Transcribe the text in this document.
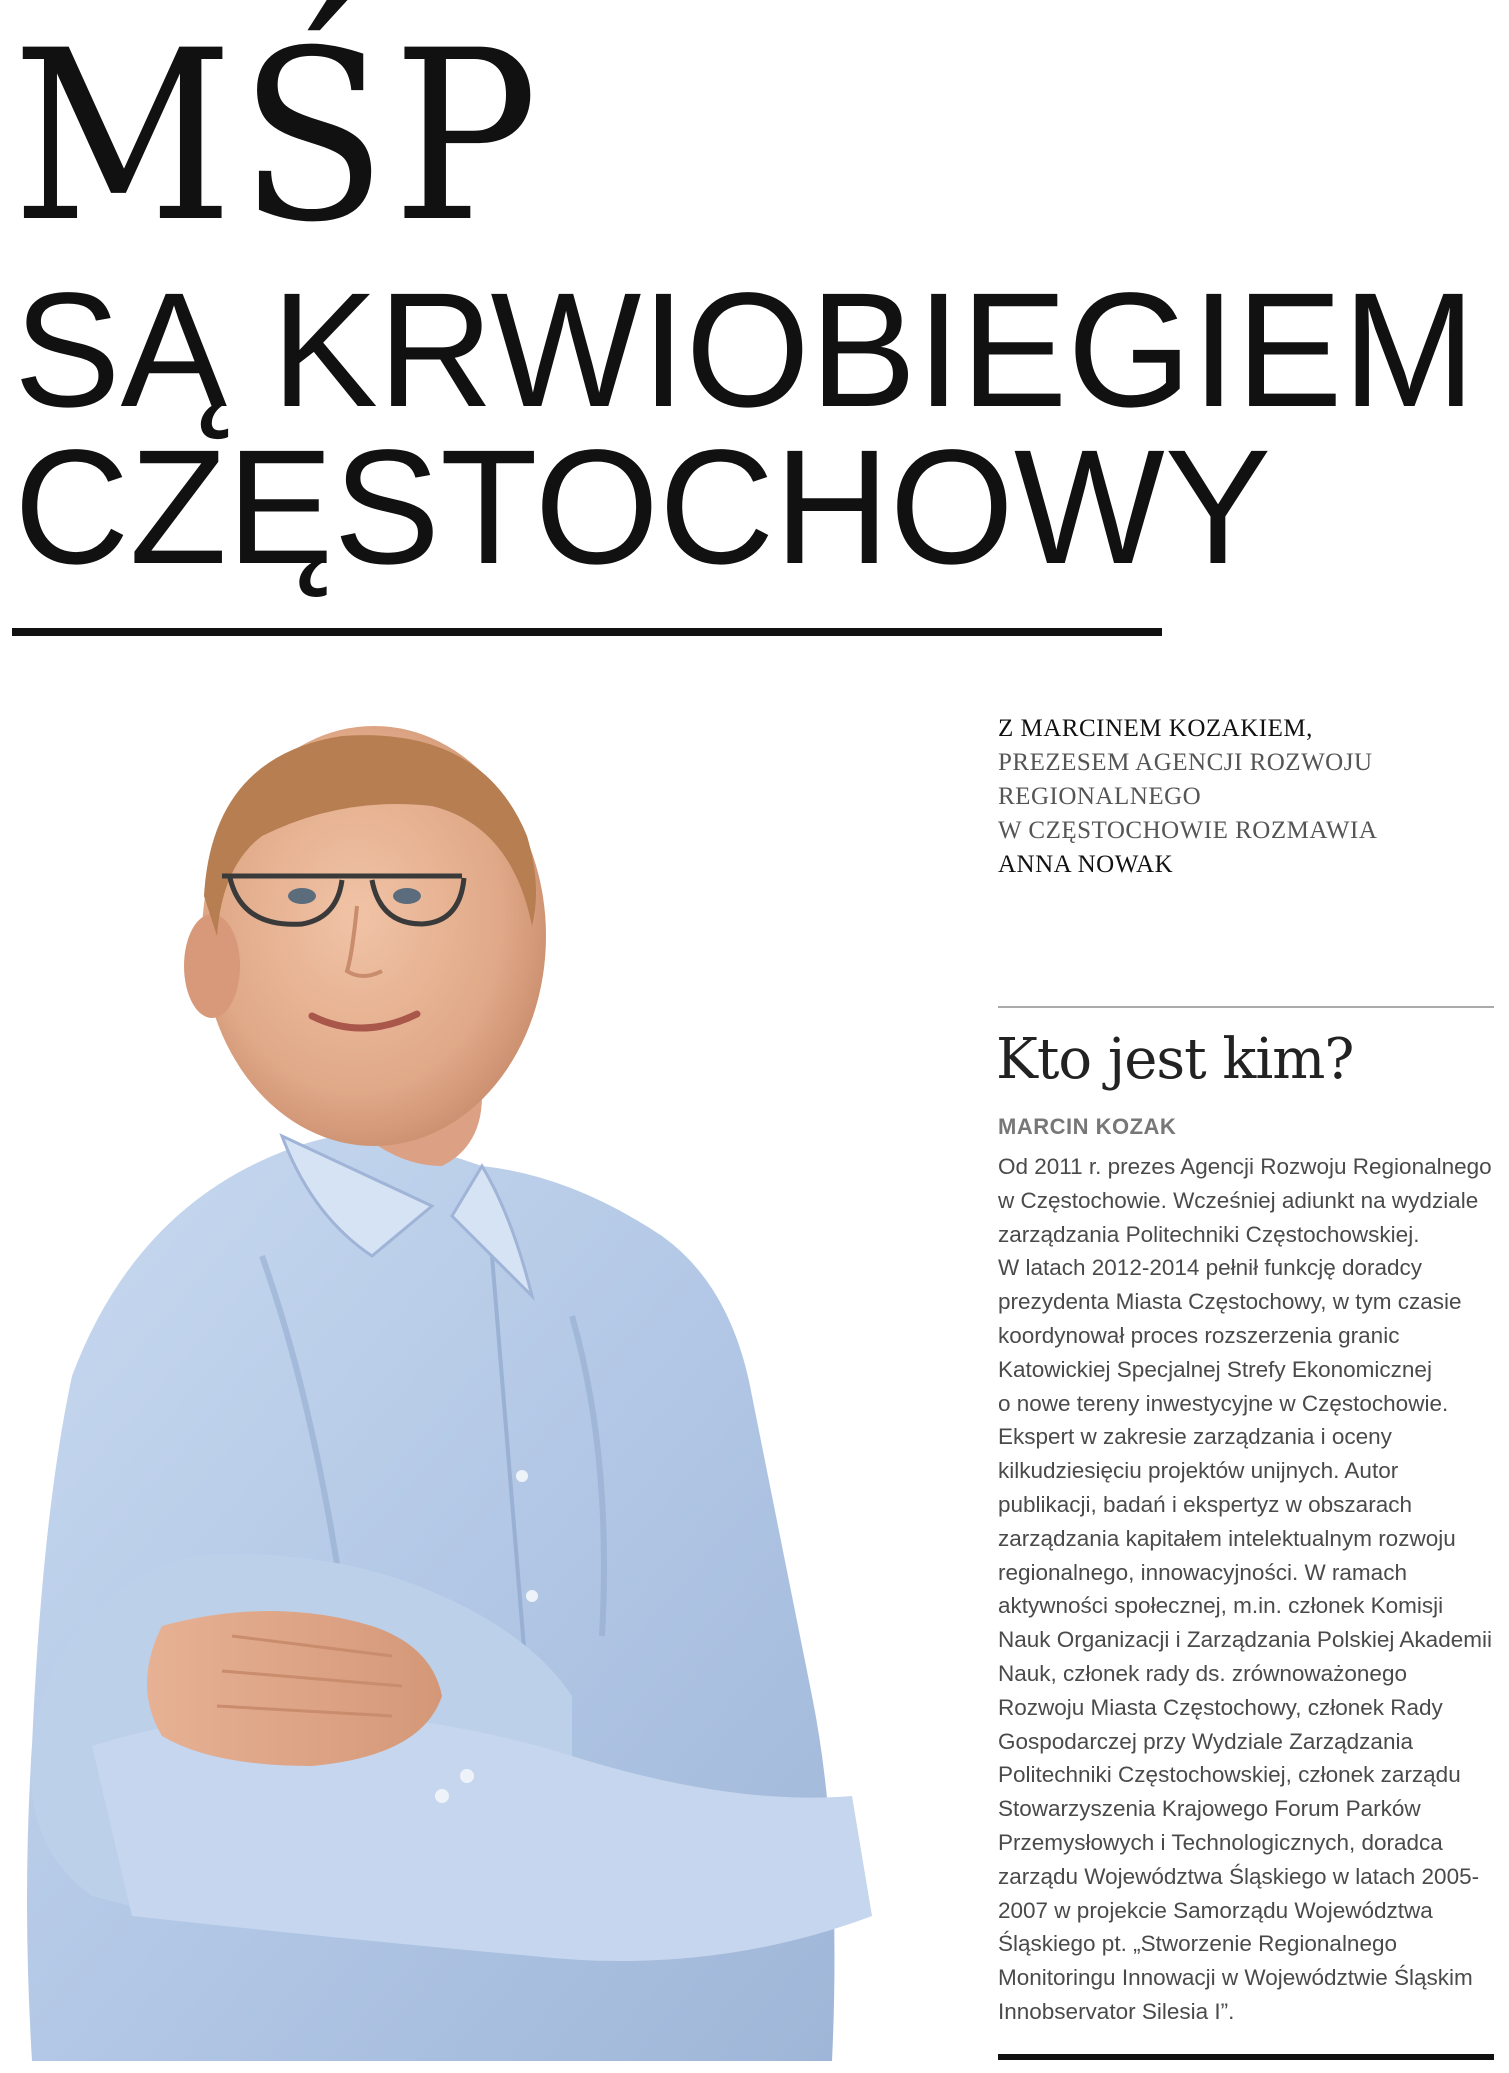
MŚP
SĄ KRWIOBIEGIEM
CZĘSTOCHOWY
Z MARCINEM KOZAKIEM,
PREZESEM AGENCJI ROZWOJU
REGIONALNEGO
W CZĘSTOCHOWIE ROZMAWIA
ANNA NOWAK
Kto jest kim?
MARCIN KOZAK
Od 2011 r. prezes Agencji Rozwoju Regionalnego
w Częstochowie. Wcześniej adiunkt na wydziale
zarządzania Politechniki Częstochowskiej.
W latach 2012-2014 pełnił funkcję doradcy
prezydenta Miasta Częstochowy, w tym czasie
koordynował proces rozszerzenia granic
Katowickiej Specjalnej Strefy Ekonomicznej
o nowe tereny inwestycyjne w Częstochowie.
Ekspert w zakresie zarządzania i oceny
kilkudziesięciu projektów unijnych. Autor
publikacji, badań i ekspertyz w obszarach
zarządzania kapitałem intelektualnym rozwoju
regionalnego, innowacyjności. W ramach
aktywności społecznej, m.in. członek Komisji
Nauk Organizacji i Zarządzania Polskiej Akademii
Nauk, członek rady ds. zrównoważonego
Rozwoju Miasta Częstochowy, członek Rady
Gospodarczej przy Wydziale Zarządzania
Politechniki Częstochowskiej, członek zarządu
Stowarzyszenia Krajowego Forum Parków
Przemysłowych i Technologicznych, doradca
zarządu Województwa Śląskiego w latach 2005-
2007 w projekcie Samorządu Województwa
Śląskiego pt. „Stworzenie Regionalnego
Monitoringu Innowacji w Województwie Śląskim
Innobservator Silesia I”.
